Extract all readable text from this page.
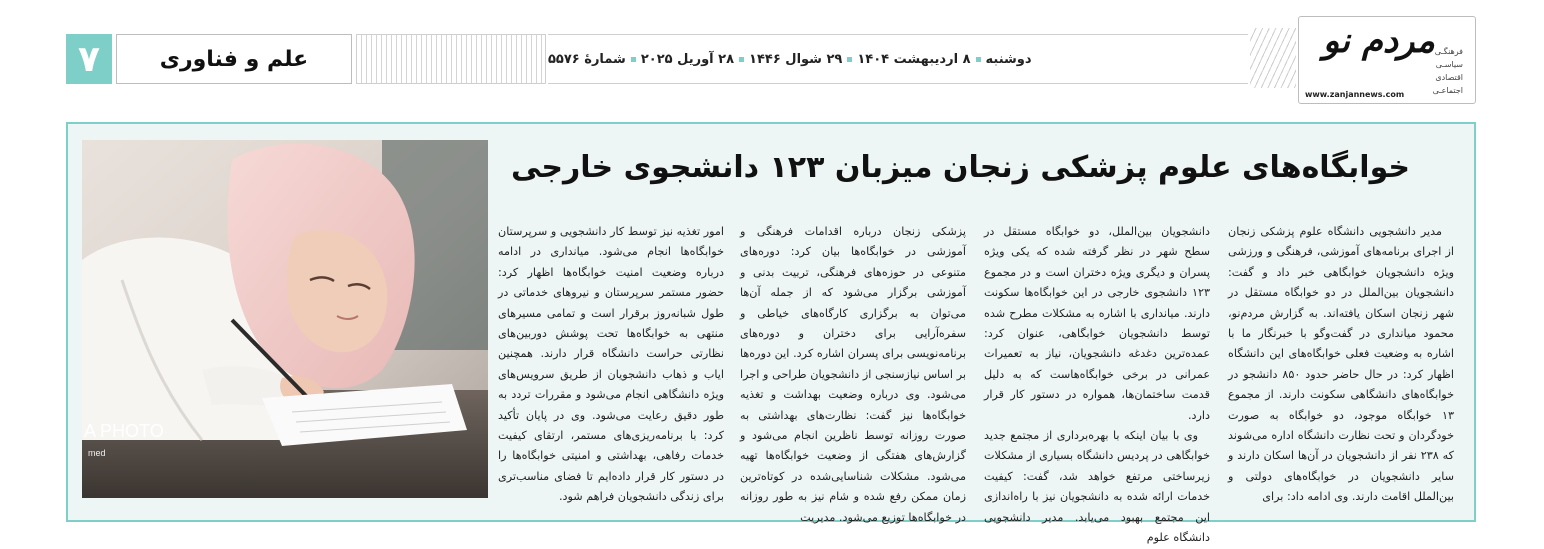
۷	علم و فناوری	دوشنبه
۸ اردیبهشت ۱۴۰۴
۲۹ شوال ۱۴۴۶
۲۸ آوریل ۲۰۲۵
شمارۀ ۵۵۷۶	مردم نو فرهنگـی
سیاسـی
اقتصادی
اجتماعـی
www.zanjannews.com
خوابگاه‌های علوم پزشکی زنجان میزبان ۱۲۳ دانشجوی خارجی
A PHOTO
med

مدیر دانشجویی دانشگاه علوم پزشکی زنجان از اجرای برنامه‌های آموزشی، فرهنگی و ورزشی ویژه دانشجویان خوابگاهی خبر داد و گفت: دانشجویان بین‌الملل در دو خوابگاه مستقل در شهر زنجان اسکان یافته‌اند. به گزارش مردم‌نو، محمود میانداری در گفت‌وگو با خبرنگار ما با اشاره به وضعیت فعلی خوابگاه‌های این دانشگاه اظهار کرد: در حال حاضر حدود ۸۵۰ دانشجو در خوابگاه‌های دانشگاهی سکونت دارند. از مجموع ۱۳ خوابگاه موجود، دو خوابگاه به صورت خودگردان و تحت نظارت دانشگاه اداره می‌شوند که ۲۳۸ نفر از دانشجویان در آن‌ها اسکان دارند و سایر دانشجویان در خوابگاه‌های دولتی و بین‌الملل اقامت دارند. وی ادامه داد: برای

دانشجویان بین‌الملل، دو خوابگاه مستقل در سطح شهر در نظر گرفته شده که یکی ویژه پسران و دیگری ویژه دختران است و در مجموع ۱۲۳ دانشجوی خارجی در این خوابگاه‌ها سکونت دارند. میانداری با اشاره به مشکلات مطرح شده توسط دانشجویان خوابگاهی، عنوان کرد: عمده‌ترین دغدغه دانشجویان، نیاز به تعمیرات عمرانی در برخی خوابگاه‌هاست که به دلیل قدمت ساختمان‌ها، همواره در دستور کار قرار دارد.

وی با بیان اینکه با بهره‌برداری از مجتمع جدید خوابگاهی در پردیس دانشگاه بسیاری از مشکلات زیرساختی مرتفع خواهد شد، گفت: کیفیت خدمات ارائه شده به دانشجویان نیز با راه‌اندازی این مجتمع بهبود می‌یابد. مدیر دانشجویی دانشگاه علوم

پزشکی زنجان درباره اقدامات فرهنگی و آموزشی در خوابگاه‌ها بیان کرد: دوره‌های متنوعی در حوزه‌های فرهنگی، تربیت بدنی و آموزشی برگزار می‌شود که از جمله آن‌ها می‌توان به برگزاری کارگاه‌های خیاطی و سفره‌آرایی برای دختران و دوره‌های برنامه‌نویسی برای پسران اشاره کرد. این دوره‌ها بر اساس نیازسنجی از دانشجویان طراحی و اجرا می‌شود. وی درباره وضعیت بهداشت و تغذیه خوابگاه‌ها نیز گفت: نظارت‌های بهداشتی به صورت روزانه توسط ناظرین انجام می‌شود و گزارش‌های هفتگی از وضعیت خوابگاه‌ها تهیه می‌شود. مشکلات شناسایی‌شده در کوتاه‌ترین زمان ممکن رفع شده و شام نیز به طور روزانه در خوابگاه‌ها توزیع می‌شود. مدیریت

امور تغذیه نیز توسط کار دانشجویی و سرپرستان خوابگاه‌ها انجام می‌شود. میانداری در ادامه درباره وضعیت امنیت خوابگاه‌ها اظهار کرد: حضور مستمر سرپرستان و نیروهای خدماتی در طول شبانه‌روز برقرار است و تمامی مسیرهای منتهی به خوابگاه‌ها تحت پوشش دوربین‌های نظارتی حراست دانشگاه قرار دارند. همچنین ایاب و ذهاب دانشجویان از طریق سرویس‌های ویژه دانشگاهی انجام می‌شود و مقررات تردد به طور دقیق رعایت می‌شود. وی در پایان تأکید کرد: با برنامه‌ریزی‌های مستمر، ارتقای کیفیت خدمات رفاهی، بهداشتی و امنیتی خوابگاه‌ها را در دستور کار قرار داده‌ایم تا فضای مناسب‌تری برای زندگی دانشجویان فراهم شود.
